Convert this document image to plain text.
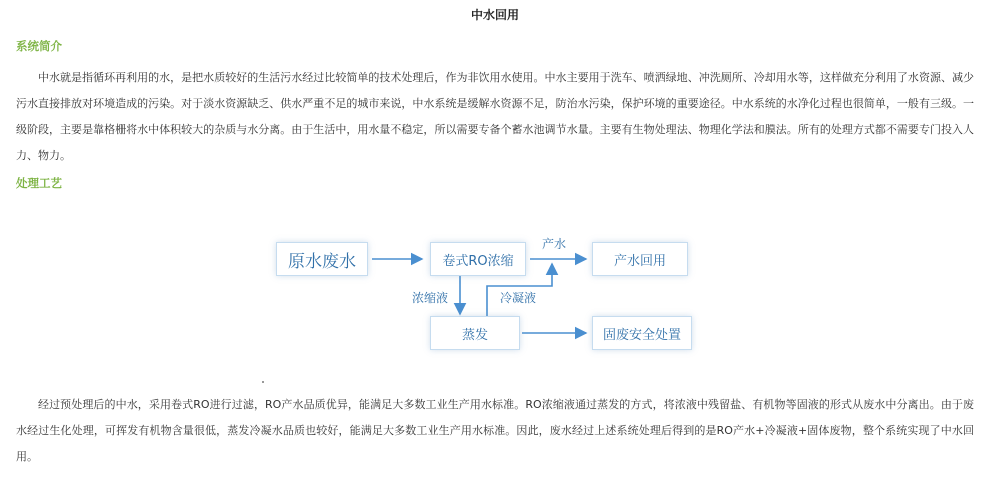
中水回用
系统简介

中水就是指循环再利用的水，是把水质较好的生活污水经过比较简单的技术处理后，作为非饮用水使用。中水主要用于洗车、喷洒绿地、冲洗厕所、冷却用水等，这样做充分利用了水资源、减少污水直接排放对环境造成的污染。对于淡水资源缺乏、供水严重不足的城市来说，中水系统是缓解水资源不足，防治水污染，保护环境的重要途径。中水系统的水净化过程也很简单，一般有三级。一级阶段，主要是靠格栅将水中体积较大的杂质与水分离。由于生活中，用水量不稳定，所以需要专备个蓄水池调节水量。主要有生物处理法、物理化学法和膜法。所有的处理方式都不需要专门投入人力、物力。

处理工艺
原水废水	卷式RO浓缩	产水回用
蒸发	固废安全处置
产水
浓缩液	冷凝液

经过预处理后的中水，采用卷式RO进行过滤，RO产水品质优异，能满足大多数工业生产用水标准。RO浓缩液通过蒸发的方式，将浓液中残留盐、有机物等固液的形式从废水中分离出。由于废水经过生化处理，可挥发有机物含量很低，蒸发冷凝水品质也较好，能满足大多数工业生产用水标准。因此，废水经过上述系统处理后得到的是RO产水+冷凝液+固体废物，整个系统实现了中水回用。
